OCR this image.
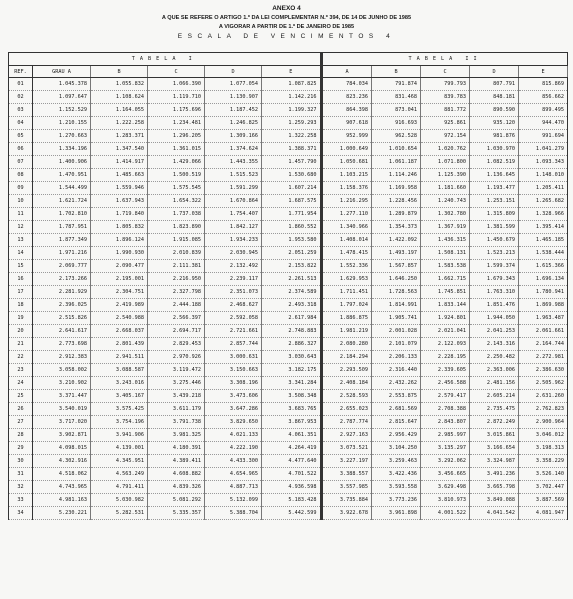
ANEXO 4
A QUE SE REFERE O ARTIGO 1.º DA LEI COMPLEMENTAR N.º 394, DE 14 DE JUNHO DE 1985
A VIGORAR A PARTIR DE 1.º DE JANEIRO DE 1985
ESCALA DE VENCIMENTOS 4
TABELA I					
REF.	GRAU A	B	C	D	E
01	1.045.378	1.055.832	1.066.390	1.077.054	1.087.825
02	1.097.647	1.108.624	1.119.710	1.130.907	1.142.216
03	1.152.529	1.164.055	1.175.696	1.187.452	1.199.327
04	1.210.155	1.222.258	1.234.481	1.246.825	1.259.293
05	1.270.663	1.283.371	1.296.205	1.309.166	1.322.258
06	1.334.196	1.347.540	1.361.015	1.374.624	1.388.371
07	1.400.906	1.414.917	1.429.066	1.443.355	1.457.790
08	1.470.951	1.485.663	1.500.519	1.515.523	1.530.680
09	1.544.499	1.559.946	1.575.545	1.591.299	1.607.214
10	1.621.724	1.637.943	1.654.322	1.670.864	1.687.575
11	1.702.810	1.719.840	1.737.038	1.754.407	1.771.954
12	1.787.951	1.805.832	1.823.890	1.842.127	1.860.552
13	1.877.349	1.896.124	1.915.085	1.934.233	1.953.580
14	1.971.216	1.990.930	2.010.839	2.030.945	2.051.259
15	2.069.777	2.090.477	2.111.381	2.132.492	2.153.822
16	2.173.266	2.195.001	2.216.950	2.239.117	2.261.513
17	2.281.929	2.304.751	2.327.798	2.351.073	2.374.589
18	2.396.025	2.419.989	2.444.188	2.468.627	2.493.318
19	2.515.826	2.540.988	2.566.397	2.592.058	2.617.984
20	2.641.617	2.668.037	2.694.717	2.721.661	2.748.883
21	2.773.698	2.801.439	2.829.453	2.857.744	2.886.327
22	2.912.383	2.941.511	2.970.926	3.000.631	3.030.643
23	3.058.002	3.088.587	3.119.472	3.150.663	3.182.175
24	3.210.902	3.243.016	3.275.446	3.308.196	3.341.284
25	3.371.447	3.405.167	3.439.218	3.473.606	3.508.348
26	3.540.019	3.575.425	3.611.179	3.647.286	3.683.765
27	3.717.020	3.754.196	3.791.738	3.829.650	3.867.953
28	3.902.871	3.941.906	3.981.325	4.021.133	4.061.351
29	4.098.015	4.139.001	4.180.391	4.222.190	4.264.419
30	4.302.916	4.345.951	4.389.411	4.433.300	4.477.640
31	4.518.062	4.563.249	4.608.882	4.654.965	4.701.522
32	4.743.965	4.791.411	4.839.326	4.887.713	4.936.598
33	4.981.163	5.030.982	5.081.292	5.132.099	5.183.428
34	5.230.221	5.282.531	5.335.357	5.388.704	5.442.599
TABELA II				
A	B	C	D	E
784.034	791.874	799.793	807.791	815.869
823.236	831.468	839.783	848.181	856.662
864.398	873.041	881.772	890.590	899.495
907.618	916.693	925.861	935.120	944.470
952.999	962.528	972.154	981.876	991.694
1.000.649	1.010.654	1.020.762	1.030.970	1.041.279
1.050.681	1.061.187	1.071.800	1.082.519	1.093.343
1.103.215	1.114.246	1.125.390	1.136.645	1.148.010
1.158.376	1.169.958	1.181.660	1.193.477	1.205.411
1.216.295	1.228.456	1.240.743	1.253.151	1.265.682
1.277.110	1.289.879	1.302.780	1.315.809	1.328.966
1.340.966	1.354.373	1.367.919	1.381.599	1.395.414
1.408.014	1.422.092	1.436.315	1.450.679	1.465.185
1.478.415	1.493.197	1.508.131	1.523.213	1.538.444
1.552.336	1.567.857	1.583.538	1.599.374	1.615.366
1.629.953	1.646.250	1.662.715	1.679.343	1.696.134
1.711.451	1.728.563	1.745.851	1.763.310	1.780.941
1.797.024	1.814.991	1.833.144	1.851.476	1.869.988
1.886.875	1.905.741	1.924.801	1.944.050	1.963.487
1.981.219	2.001.028	2.021.041	2.041.253	2.061.661
2.080.280	2.101.079	2.122.093	2.143.316	2.164.744
2.184.294	2.206.133	2.228.195	2.250.482	2.272.981
2.293.509	2.316.440	2.339.605	2.363.006	2.386.630
2.408.184	2.432.262	2.456.588	2.481.156	2.505.962
2.528.593	2.553.875	2.579.417	2.605.214	2.631.260
2.655.023	2.681.569	2.708.388	2.735.475	2.762.823
2.787.774	2.815.647	2.843.807	2.872.249	2.900.964
2.927.163	2.956.429	2.985.997	3.015.861	3.046.012
3.073.521	3.104.250	3.135.297	3.166.654	3.198.313
3.227.197	3.259.463	3.292.062	3.324.987	3.358.229
3.388.557	3.422.436	3.456.665	3.491.236	3.526.140
3.557.985	3.593.558	3.629.498	3.665.798	3.702.447
3.735.884	3.773.236	3.810.973	3.849.088	3.887.569
3.922.678	3.961.898	4.001.522	4.041.542	4.081.947
